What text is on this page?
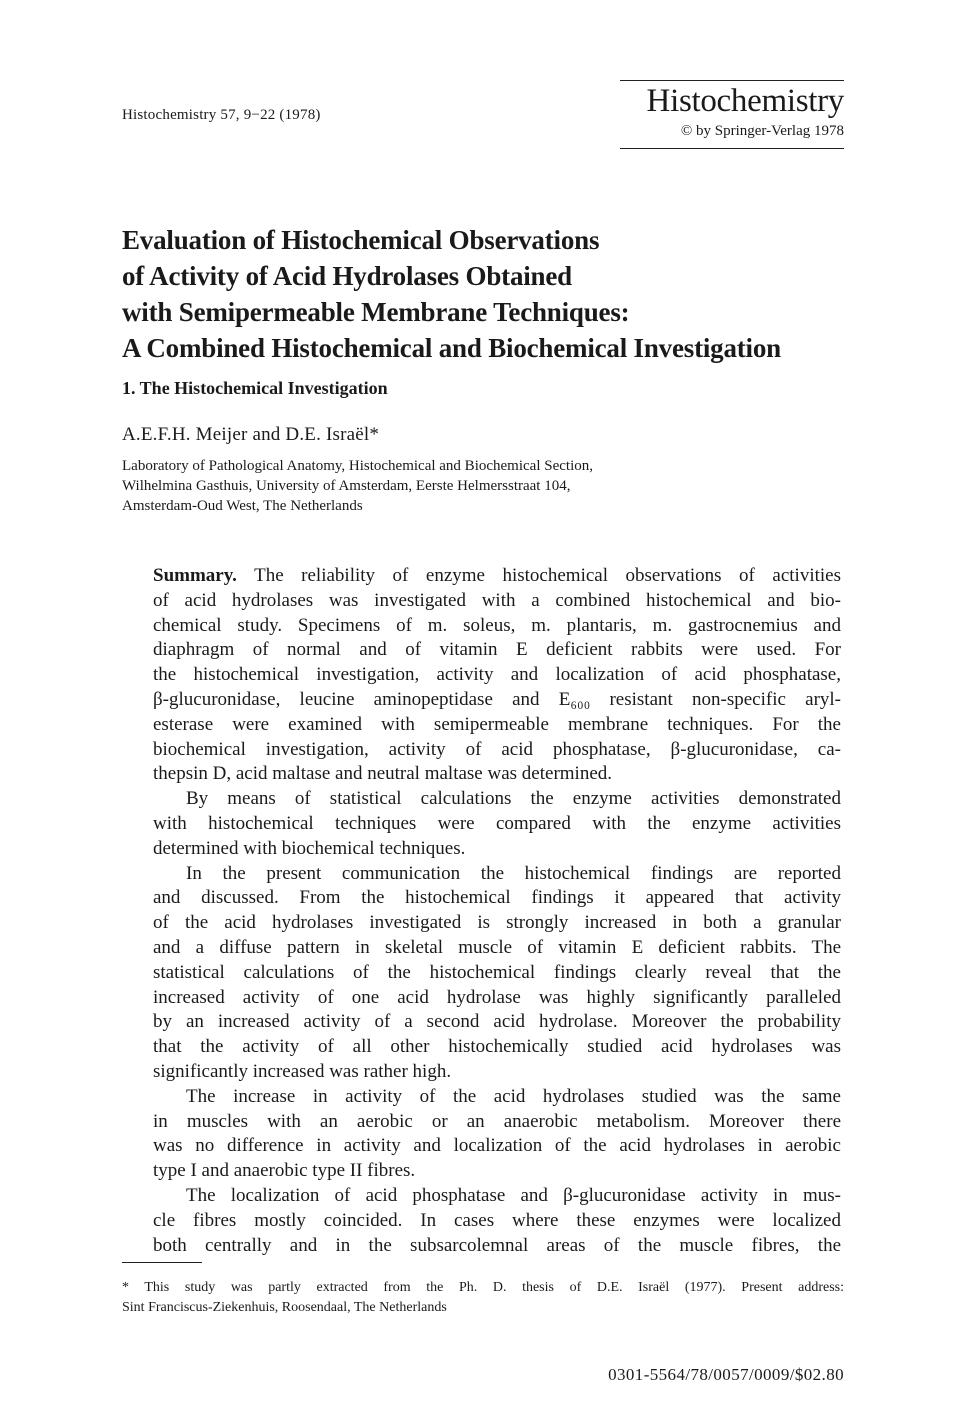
Histochemistry 57, 9−22 (1978)	Histochemistry
© by Springer-Verlag 1978
Evaluation of Histochemical Observations
of Activity of Acid Hydrolases Obtained
with Semipermeable Membrane Techniques:
A Combined Histochemical and Biochemical Investigation
1. The Histochemical Investigation
A.E.F.H. Meijer and D.E. Israël*
Laboratory of Pathological Anatomy, Histochemical and Biochemical Section,
Wilhelmina Gasthuis, University of Amsterdam, Eerste Helmersstraat 104,
Amsterdam-Oud West, The Netherlands
Summary. The reliability of enzyme histochemical observations of activities
of acid hydrolases was investigated with a combined histochemical and bio-
chemical study. Specimens of m. soleus, m. plantaris, m. gastrocnemius and
diaphragm of normal and of vitamin E deficient rabbits were used. For
the histochemical investigation, activity and localization of acid phosphatase,
β-glucuronidase, leucine aminopeptidase and E₆₀₀ resistant non-specific aryl-
esterase were examined with semipermeable membrane techniques. For the
biochemical investigation, activity of acid phosphatase, β-glucuronidase, ca-
thepsin D, acid maltase and neutral maltase was determined.
By means of statistical calculations the enzyme activities demonstrated
with histochemical techniques were compared with the enzyme activities
determined with biochemical techniques.
In the present communication the histochemical findings are reported
and discussed. From the histochemical findings it appeared that activity
of the acid hydrolases investigated is strongly increased in both a granular
and a diffuse pattern in skeletal muscle of vitamin E deficient rabbits. The
statistical calculations of the histochemical findings clearly reveal that the
increased activity of one acid hydrolase was highly significantly paralleled
by an increased activity of a second acid hydrolase. Moreover the probability
that the activity of all other histochemically studied acid hydrolases was
significantly increased was rather high.
The increase in activity of the acid hydrolases studied was the same
in muscles with an aerobic or an anaerobic metabolism. Moreover there
was no difference in activity and localization of the acid hydrolases in aerobic
type I and anaerobic type II fibres.
The localization of acid phosphatase and β-glucuronidase activity in mus-
cle fibres mostly coincided. In cases where these enzymes were localized
both centrally and in the subsarcolemnal areas of the muscle fibres, the
* This study was partly extracted from the Ph. D. thesis of D.E. Israël (1977). Present address:
Sint Franciscus-Ziekenhuis, Roosendaal, The Netherlands
0301-5564/78/0057/0009/$02.80
